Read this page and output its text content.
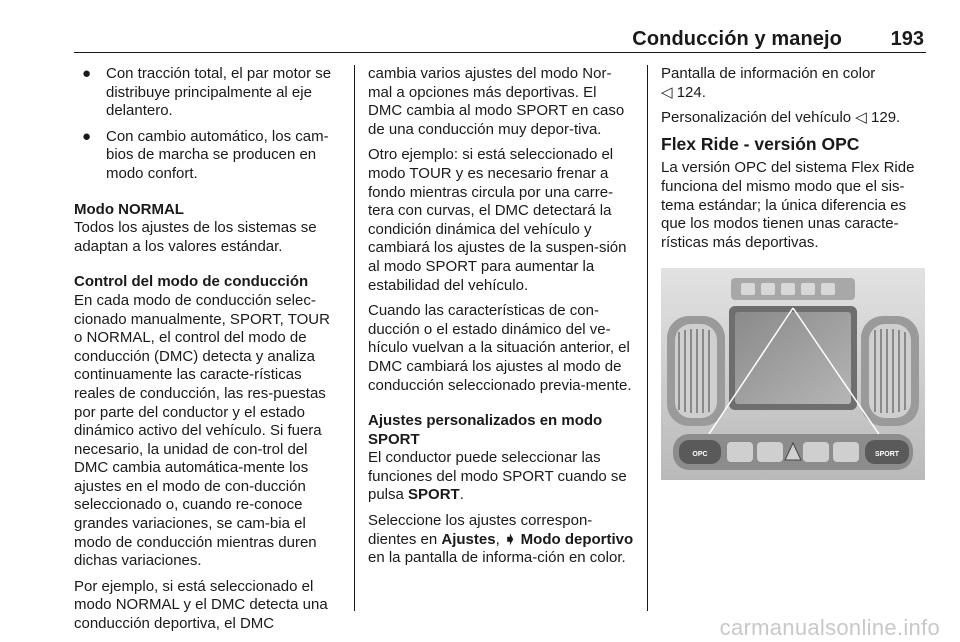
Conducción y manejo 193
● Con tracción total, el par motor se distribuye principalmente al eje delantero.
● Con cambio automático, los cam-bios de marcha se producen en modo confort.

Modo NORMAL

Todos los ajustes de los sistemas se adaptan a los valores estándar.

Control del modo de conducción

En cada modo de conducción selec-cionado manualmente, SPORT, TOUR o NORMAL, el control del modo de conducción (DMC) detecta y analiza continuamente las caracte-rísticas reales de conducción, las res-puestas por parte del conductor y el estado dinámico activo del vehículo. Si fuera necesario, la unidad de con-trol del DMC cambia automática-mente los ajustes en el modo de con-ducción seleccionado o, cuando re-conoce grandes variaciones, se cam-bia el modo de conducción mientras duren dichas variaciones.

Por ejemplo, si está seleccionado el modo NORMAL y el DMC detecta una conducción deportiva, el DMC

cambia varios ajustes del modo Nor-mal a opciones más deportivas. El DMC cambia al modo SPORT en caso de una conducción muy depor-tiva.

Otro ejemplo: si está seleccionado el modo TOUR y es necesario frenar a fondo mientras circula por una carre-tera con curvas, el DMC detectará la condición dinámica del vehículo y cambiará los ajustes de la suspen-sión al modo SPORT para aumentar la estabilidad del vehículo.

Cuando las características de con-ducción o el estado dinámico del ve-hículo vuelvan a la situación anterior, el DMC cambiará los ajustes al modo de conducción seleccionado previa-mente.

Ajustes personalizados en modo SPORT

El conductor puede seleccionar las funciones del modo SPORT cuando se pulsa SPORT.

Seleccione los ajustes correspon-dientes en Ajustes, ➧ Modo deportivo en la pantalla de informa-ción en color.

Pantalla de información en color
◁ 124.

Personalización del vehículo ◁ 129.

Flex Ride - versión OPC

La versión OPC del sistema Flex Ride funciona del mismo modo que el sis-tema estándar; la única diferencia es que los modos tienen unas caracte-rísticas más deportivas.

OPC	SPORT
carmanualsonline.info
